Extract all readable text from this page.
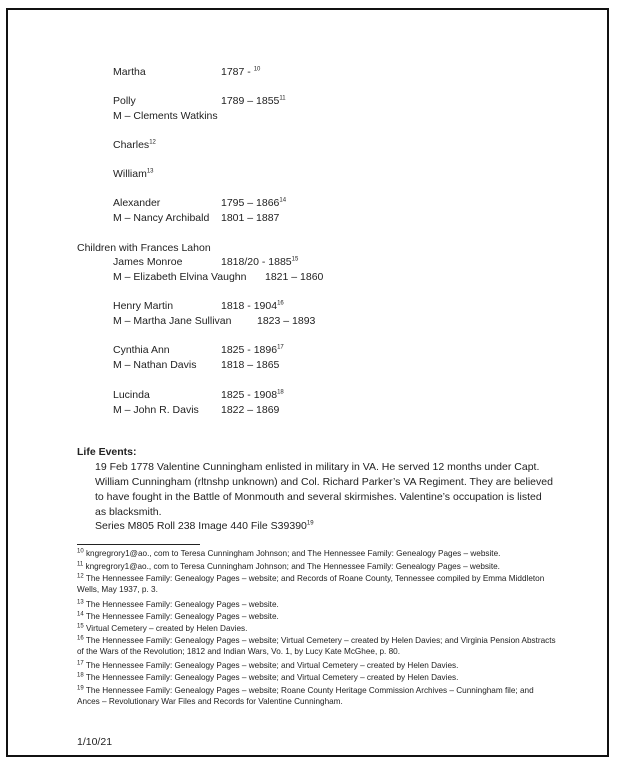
Martha	1787 - $^{10}$
Polly	1789 – 1855$^{11}$
M – Clements Watkins
Charles$^{12}$
William$^{13}$
Alexander	1795 – 1866$^{14}$
M – Nancy Archibald 1801 – 1887
Children with Frances Lahon
James Monroe	1818/20 - 1885$^{15}$
M – Elizabeth Elvina Vaughn 1821 – 1860
Henry Martin	1818 - 1904$^{16}$
M – Martha Jane Sullivan 1823 – 1893
Cynthia Ann	1825 - 1896$^{17}$
M – Nathan Davis 1818 – 1865
Lucinda	1825 - 1908$^{18}$
M – John R. Davis 1822 – 1869
Life Events:
19 Feb 1778 Valentine Cunningham enlisted in military in VA. He served 12 months under Capt. William Cunningham (rltnshp unknown) and Col. Richard Parker’s VA Regiment. They are believed to have fought in the Battle of Monmouth and several skirmishes. Valentine’s occupation is listed as blacksmith.
Series M805 Roll 238 Image 440 File S39390$^{19}$
$^{10}$ kngregrory1@ao., com to Teresa Cunningham Johnson; and The Hennessee Family: Genealogy Pages – website.
$^{11}$ kngregrory1@ao., com to Teresa Cunningham Johnson; and The Hennessee Family: Genealogy Pages – website.
$^{12}$ The Hennessee Family: Genealogy Pages – website; and Records of Roane County, Tennessee compiled by Emma Middleton Wells, May 1937, p. 3.
$^{13}$ The Hennessee Family: Genealogy Pages – website.
$^{14}$ The Hennessee Family: Genealogy Pages – website.
$^{15}$ Virtual Cemetery – created by Helen Davies.
$^{16}$ The Hennessee Family: Genealogy Pages – website; Virtual Cemetery – created by Helen Davies; and Virginia Pension Abstracts of the Wars of the Revolution; 1812 and Indian Wars, Vo. 1, by Lucy Kate McGhee, p. 80.
$^{17}$ The Hennessee Family: Genealogy Pages – website; and Virtual Cemetery – created by Helen Davies.
$^{18}$ The Hennessee Family: Genealogy Pages – website; and Virtual Cemetery – created by Helen Davies.
$^{19}$ The Hennessee Family: Genealogy Pages – website; Roane County Heritage Commission Archives – Cunningham file; and Ances – Revolutionary War Files and Records for Valentine Cunningham.
1/10/21
